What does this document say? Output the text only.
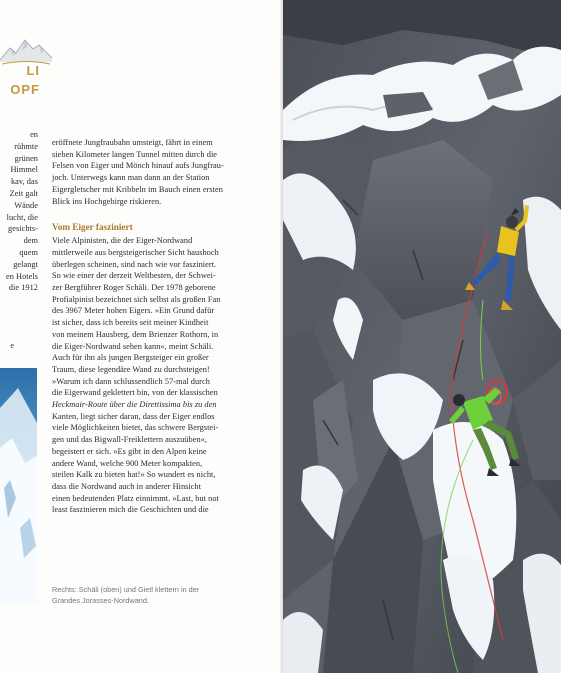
LI
OPF
en
rühmte
grünen
Himmel
kav, das
Zeit galt
Wände
lucht, die
gesichts-
dem
quem
gelangt
en Hotels
die 1912
e
eröffnete Jungfraubahn umsteigt, fährt in einem
sieben Kilometer langen Tunnel mitten durch die
Felsen von Eiger und Mönch hinauf aufs Jungfrau-
joch. Unterwegs kann man dann an der Station
Eigergletscher mit Kribbeln im Bauch einen ersten
Blick ins Hochgebirge riskieren.
Vom Eiger fasziniert
Viele Alpinisten, die der Eiger-Nordwand
mittlerweile aus bergsteigerischer Sicht haushoch
überlegen scheinen, sind nach wie vor fasziniert.
So wie einer der derzeit Weltbesten, der Schwei-
zer Bergführer Roger Schäli. Der 1978 geborene
Profialpinist bezeichnet sich selbst als großen Fan
des 3967 Meter hohen Eigers. »Ein Grund dafür
ist sicher, dass ich bereits seit meiner Kindheit
von meinem Hausberg, dem Brienzer Rothorn, in
die Eiger-Nordwand sehen kann«, meint Schäli.
Auch für ihn als jungen Bergsteiger ein großer
Traum, diese legendäre Wand zu durchsteigen!
»Warum ich dann schlussendlich 57-mal durch
die Eigerwand geklettert bin, von der klassischen
Heckmair-Route über die Direttissima bis zu den
Kanten, liegt sicher daran, dass der Eiger endlos
viele Möglichkeiten bietet, das schwere Bergstei-
gen und das Bigwall-Freiklettern auszuüben«,
begeistert er sich. »Es gibt in den Alpen keine
andere Wand, welche 900 Meter kompakten,
steilen Kalk zu bieten hat!« So wundert es nicht,
dass die Nordwand auch in anderer Hinsicht
einen bedeutenden Platz einnimmt. »Last, but not
least faszinieren mich die Geschichten und die
Rechts: Schäli (oben) und Gietl klettern in der
Grandes Jorasses-Nordwand.
